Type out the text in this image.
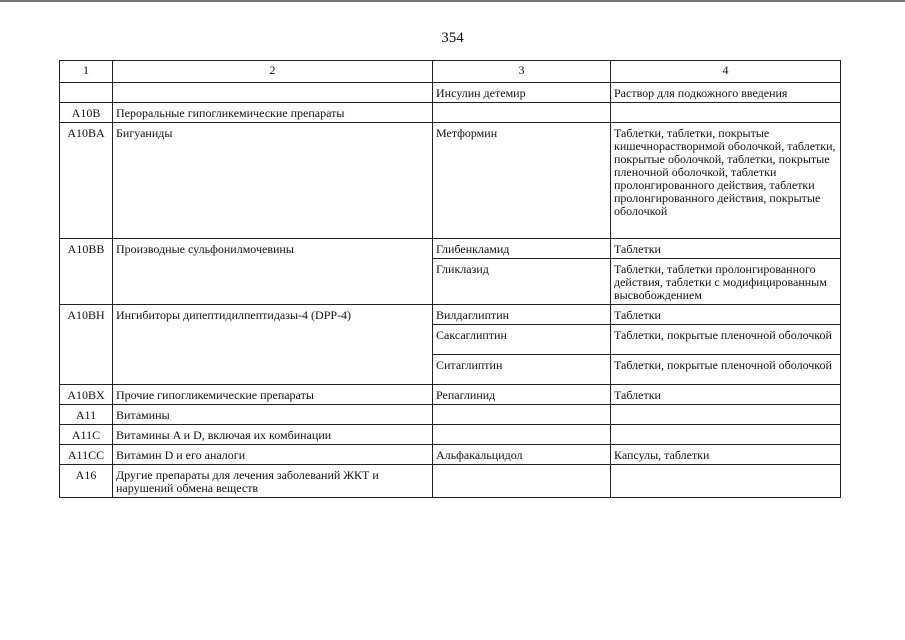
354
1	2	3	4
		Инсулин детемир	Раствор для подкожного введения
A10B	Пероральные гипогликемические препараты		
A10BA	Бигуаниды	Метформин	Таблетки, таблетки, покрытые кишечнорастворимой оболочкой, таблетки, покрытые оболочкой, таблетки, покрытые пленочной оболочкой, таблетки пролонгированного действия, таблетки пролонгированного действия, покрытые оболочкой
A10BB	Производные сульфонилмочевины	Глибенкламид	Таблетки
		Гликлазид	Таблетки, таблетки пролонгированного действия, таблетки с модифицированным высвобождением
A10BH	Ингибиторы дипептидилпептидазы-4 (DPP-4)	Вилдаглиптин	Таблетки
		Саксаглиптин	Таблетки, покрытые пленочной оболочкой
		Ситаглиптин	Таблетки, покрытые пленочной оболочкой
A10BX	Прочие гипогликемические препараты	Репаглинид	Таблетки
A11	Витамины		
A11C	Витамины A и D, включая их комбинации		
A11CC	Витамин D и его аналоги	Альфакальцидол	Капсулы, таблетки
A16	Другие препараты для лечения заболеваний ЖКТ и нарушений обмена веществ		
